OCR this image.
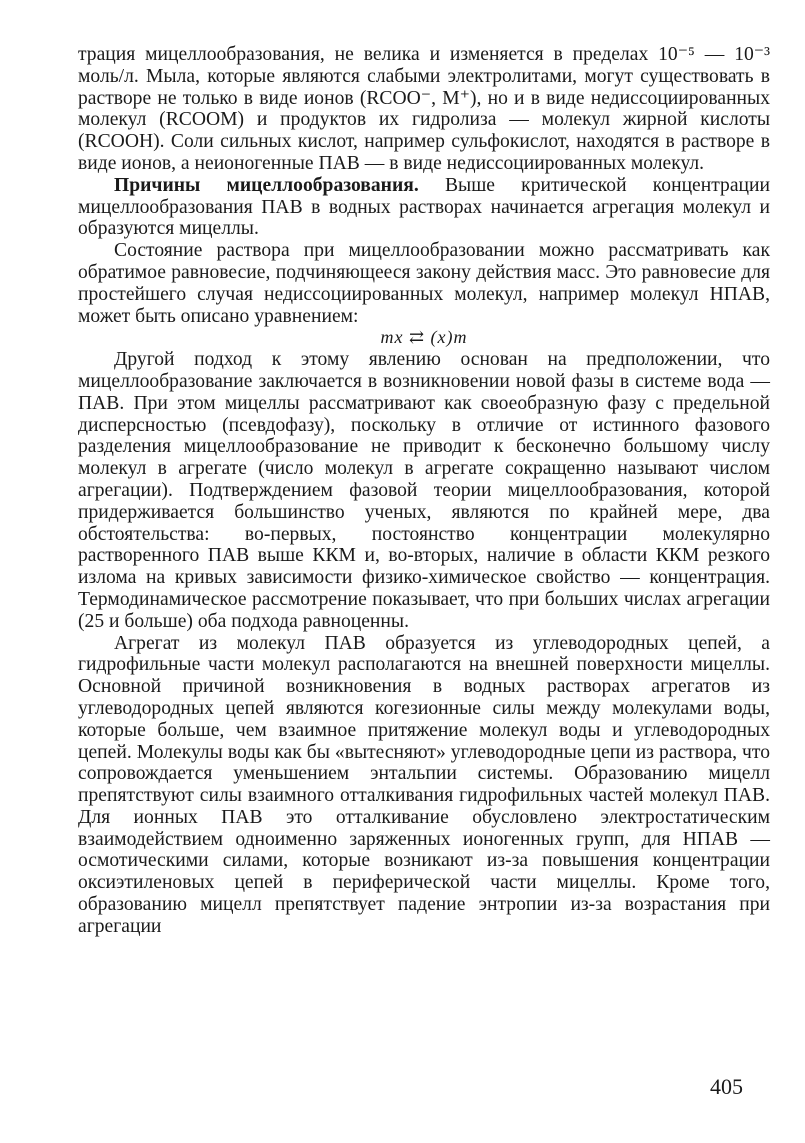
трация мицеллообразования, не велика и изменяется в пределах 10⁻⁵ — 10⁻³ моль/л. Мыла, которые являются слабыми электролитами, могут существовать в растворе не только в виде ионов (RCOO⁻, M⁺), но и в виде недиссоциированных молекул (RCOOM) и продуктов их гидролиза — молекул жирной кислоты (RCOOH). Соли сильных кислот, например сульфокислот, находятся в растворе в виде ионов, а неионогенные ПАВ — в виде недиссоциированных молекул.

Причины мицеллообразования. Выше критической концентрации мицеллообразования ПАВ в водных растворах начинается агрегация молекул и образуются мицеллы.

Состояние раствора при мицеллообразовании можно рассматривать как обратимое равновесие, подчиняющееся закону действия масс. Это равновесие для простейшего случая недиссоциированных молекул, например молекул НПАВ, может быть описано уравнением:

mx ⇄ (x)m

Другой подход к этому явлению основан на предположении, что мицеллообразование заключается в возникновении новой фазы в системе вода — ПАВ. При этом мицеллы рассматривают как своеобразную фазу с предельной дисперсностью (псевдофазу), поскольку в отличие от истинного фазового разделения мицеллообразование не приводит к бесконечно большому числу молекул в агрегате (число молекул в агрегате сокращенно называют числом агрегации). Подтверждением фазовой теории мицеллообразования, которой придерживается большинство ученых, являются по крайней мере, два обстоятельства: во-первых, постоянство концентрации молекулярно растворенного ПАВ выше ККМ и, во-вторых, наличие в области ККМ резкого излома на кривых зависимости физико-химическое свойство — концентрация. Термодинамическое рассмотрение показывает, что при больших числах агрегации (25 и больше) оба подхода равноценны.

Агрегат из молекул ПАВ образуется из углеводородных цепей, а гидрофильные части молекул располагаются на внешней поверхности мицеллы. Основной причиной возникновения в водных растворах агрегатов из углеводородных цепей являются когезионные силы между молекулами воды, которые больше, чем взаимное притяжение молекул воды и углеводородных цепей. Молекулы воды как бы «вытесняют» углеводородные цепи из раствора, что сопровождается уменьшением энтальпии системы. Образованию мицелл препятствуют силы взаимного отталкивания гидрофильных частей молекул ПАВ. Для ионных ПАВ это отталкивание обусловлено электростатическим взаимодействием одноименно заряженных ионогенных групп, для НПАВ — осмотическими силами, которые возникают из-за повышения концентрации оксиэтиленовых цепей в периферической части мицеллы. Кроме того, образованию мицелл препятствует падение энтропии из-за возрастания при агрегации

405
